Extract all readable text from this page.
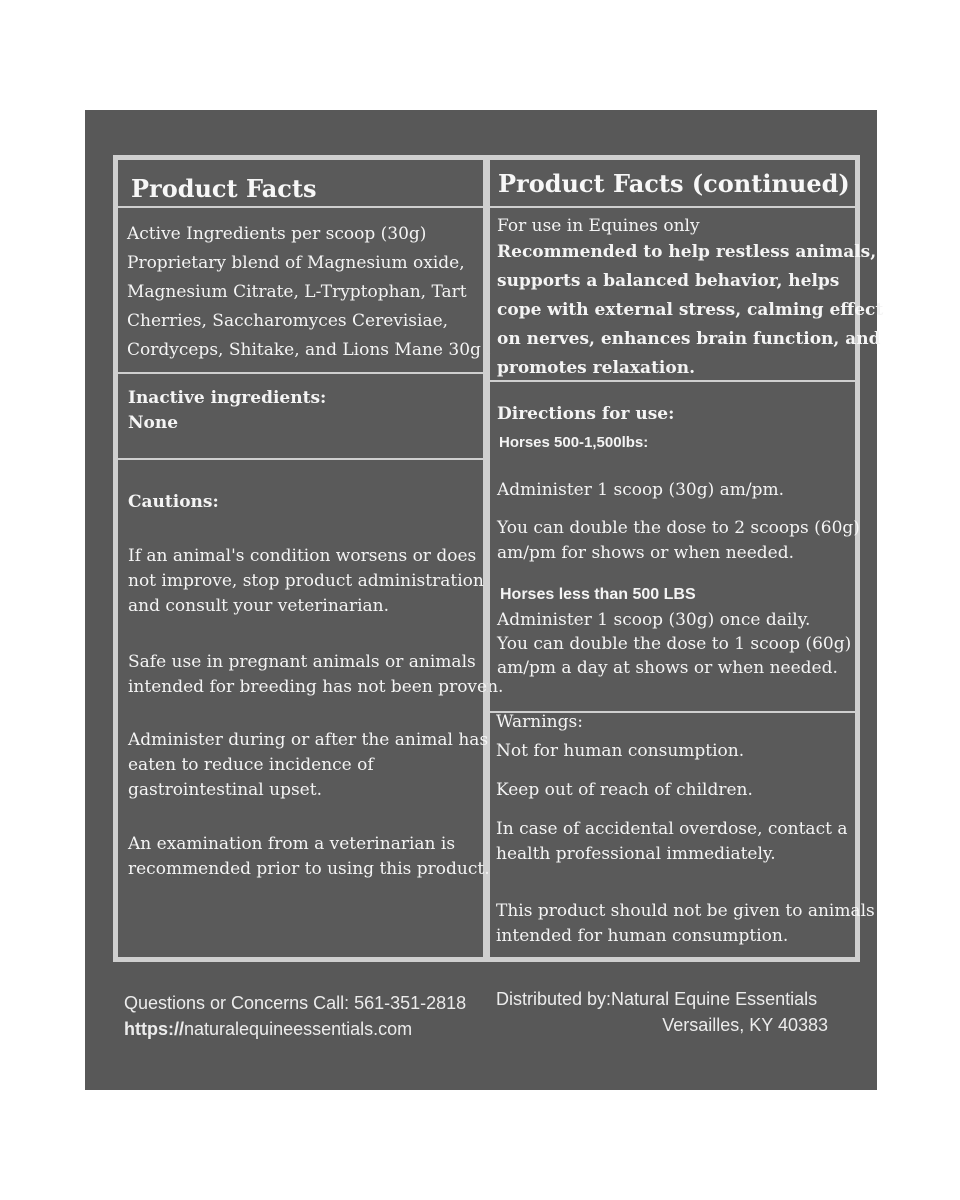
Product Facts

Active Ingredients per scoop (30g)

Proprietary blend of Magnesium oxide,

Magnesium Citrate, L-Tryptophan, Tart

Cherries, Saccharomyces Cerevisiae,

Cordyceps, Shitake, and Lions Mane 30g .

Inactive ingredients:

None

Cautions:

If an animal's condition worsens or does

not improve, stop product administration

and consult your veterinarian.

Safe use in pregnant animals or animals

intended for breeding has not been proven.

Administer during or after the animal has

eaten to reduce incidence of

gastrointestinal upset.

An examination from a veterinarian is

recommended prior to using this product.

Product Facts (continued)

For use in Equines only

Recommended to help restless animals,

supports a balanced behavior, helps

cope with external stress, calming effect

on nerves, enhances brain function, and

promotes relaxation.

Directions for use:
Horses 500-1,500lbs:
Administer 1 scoop (30g) am/pm.

You can double the dose to 2 scoops (60g)

am/pm for shows or when needed.

Horses less than 500 LBS

Administer 1 scoop (30g) once daily.

You can double the dose to 1 scoop (60g)

am/pm a day at shows or when needed.

Warnings:
Not for human consumption.
Keep out of reach of children.

In case of accidental overdose, contact a

health professional immediately.

This product should not be given to animals

intended for human consumption.

Questions or Concerns Call: 561-351-2818
https://naturalequineessentials.com
Distributed by:Natural Equine Essentials
Versailles, KY 40383
